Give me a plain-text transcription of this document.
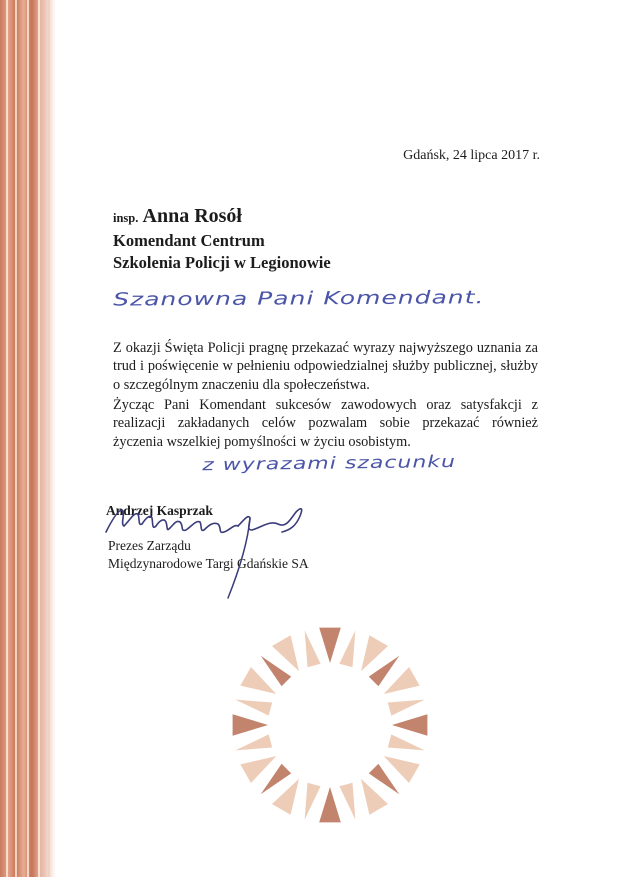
Gdańsk, 24 lipca 2017 r.
insp. Anna Rosół
Komendant Centrum
Szkolenia Policji w Legionowie
Szanowna Pani Komendant.
Z okazji Święta Policji pragnę przekazać wyrazy najwyższego uznania za trud i poświęcenie w pełnieniu odpowiedzialnej służby publicznej, służby o szczególnym znaczeniu dla społeczeństwa.
Życząc Pani Komendant sukcesów zawodowych oraz satysfakcji z realizacji zakładanych celów pozwalam sobie przekazać również życzenia wszelkiej pomyślności w życiu osobistym.
z wyrazami szacunku
Andrzej Kasprzak
Prezes Zarządu
Międzynarodowe Targi Gdańskie SA
